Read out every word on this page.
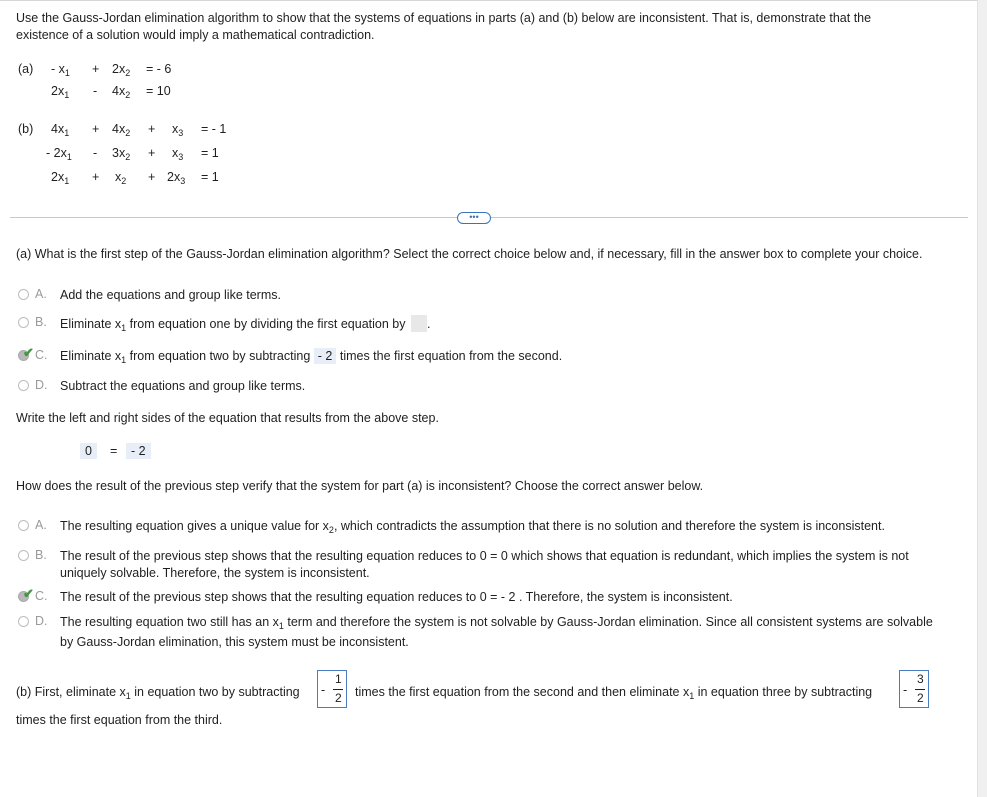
Use the Gauss-Jordan elimination algorithm to show that the systems of equations in parts (a) and (b) below are inconsistent. That is, demonstrate that the existence of a solution would imply a mathematical contradiction.
$(a) - x_1 + 2x_2$ = - 6
$2x_1 - 4x_2 = 10$
(b) $4x_1 + 4x_2 + x_3$ = - 1
- $2x_1 - 3x_2 + x_3 = 1$
$2x_1 + x_2 + 2x_3 = 1$
•••
(a) What is the first step of the Gauss-Jordan elimination algorithm? Select the correct choice below and, if necessary, fill in the answer box to complete your choice.
A. Add the equations and group like terms.
B. Eliminate $x_1$ from equation one by dividing the first equation by .
✔ C. Eliminate $x_1$ from equation two by subtracting - 2 times the first equation from the second.
D. Subtract the equations and group like terms.
Write the left and right sides of the equation that results from the above step.
0	=	- 2
How does the result of the previous step verify that the system for part (a) is inconsistent? Choose the correct answer below.
A. The resulting equation gives a unique value for $x_2$, which contradicts the assumption that there is no solution and therefore the system is inconsistent.
B. The result of the previous step shows that the resulting equation reduces to 0 = 0 which shows that equation is redundant, which implies the system is not uniquely solvable. Therefore, the system is inconsistent.
✔ C. The result of the previous step shows that the resulting equation reduces to 0 = - 2 . Therefore, the system is inconsistent.
D. The resulting equation two still has an $x_1$ term and therefore the system is not solvable by Gauss-Jordan elimination. Since all consistent systems are solvable by Gauss-Jordan elimination, this system must be inconsistent.
(b) First, eliminate $x_1$ in equation two by subtracting -
1
2 times the first equation from the second and then eliminate $x_1$ in equation three by subtracting -
3
2
times the first equation from the third.
